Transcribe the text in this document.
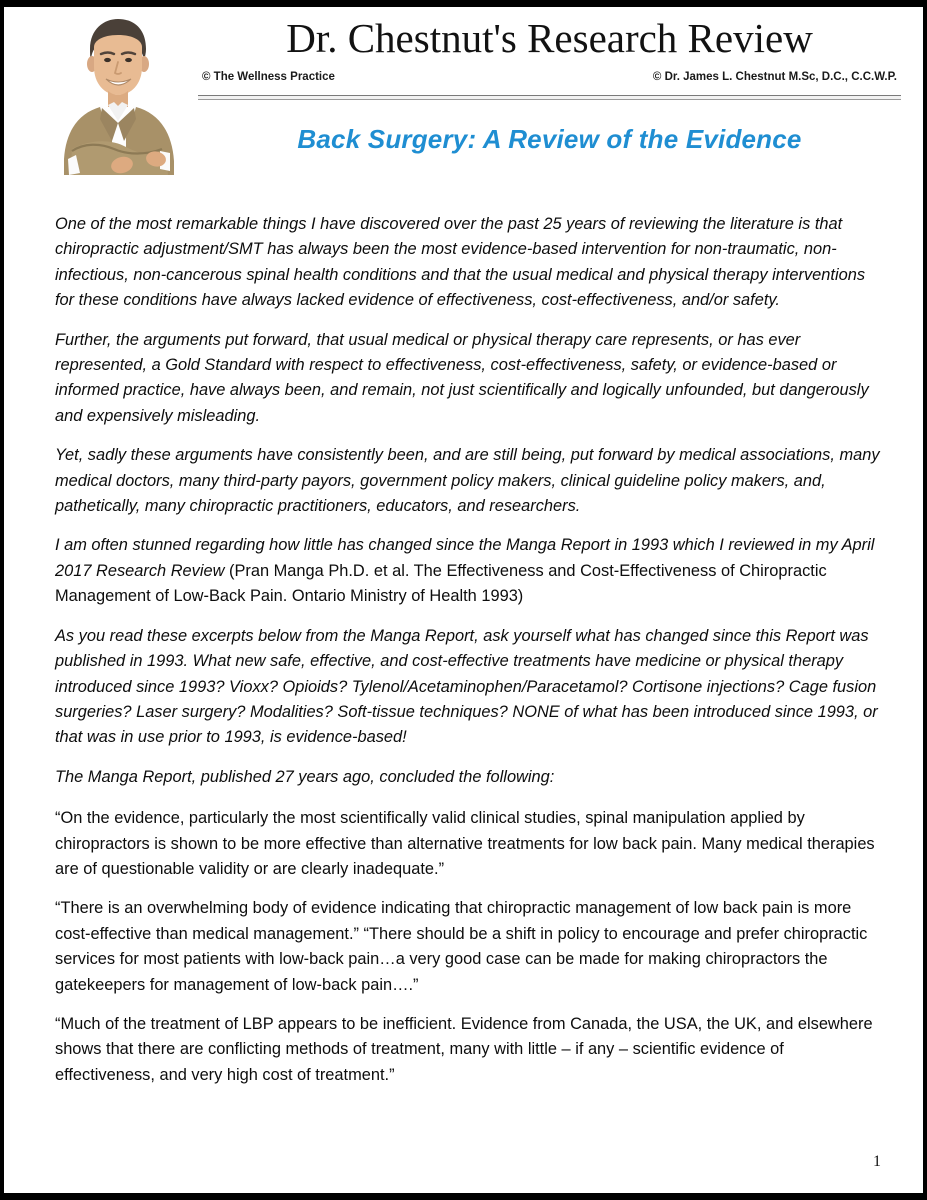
Dr. Chestnut's Research Review
© The Wellness Practice	© Dr. James L. Chestnut M.Sc, D.C., C.C.W.P.
Back Surgery: A Review of the Evidence

One of the most remarkable things I have discovered over the past 25 years of reviewing the literature is that chiropractic adjustment/SMT has always been the most evidence-based intervention for non-traumatic, non-infectious, non-cancerous spinal health conditions and that the usual medical and physical therapy interventions for these conditions have always lacked evidence of effectiveness, cost-effectiveness, and/or safety.

Further, the arguments put forward, that usual medical or physical therapy care represents, or has ever represented, a Gold Standard with respect to effectiveness, cost-effectiveness, safety, or evidence-based or informed practice, have always been, and remain, not just scientifically and logically unfounded, but dangerously and expensively misleading.

Yet, sadly these arguments have consistently been, and are still being, put forward by medical associations, many medical doctors, many third-party payors, government policy makers, clinical guideline policy makers, and, pathetically, many chiropractic practitioners, educators, and researchers.

I am often stunned regarding how little has changed since the Manga Report in 1993 which I reviewed in my April 2017 Research Review (Pran Manga Ph.D. et al. The Effectiveness and Cost-Effectiveness of Chiropractic Management of Low-Back Pain. Ontario Ministry of Health 1993)

As you read these excerpts below from the Manga Report, ask yourself what has changed since this Report was published in 1993. What new safe, effective, and cost-effective treatments have medicine or physical therapy introduced since 1993? Vioxx? Opioids? Tylenol/Acetaminophen/Paracetamol? Cortisone injections? Cage fusion surgeries? Laser surgery? Modalities? Soft-tissue techniques? NONE of what has been introduced since 1993, or that was in use prior to 1993, is evidence-based!

The Manga Report, published 27 years ago, concluded the following:

“On the evidence, particularly the most scientifically valid clinical studies, spinal manipulation applied by chiropractors is shown to be more effective than alternative treatments for low back pain. Many medical therapies are of questionable validity or are clearly inadequate.”

“There is an overwhelming body of evidence indicating that chiropractic management of low back pain is more cost-effective than medical management.” “There should be a shift in policy to encourage and prefer chiropractic services for most patients with low-back pain…a very good case can be made for making chiropractors the gatekeepers for management of low-back pain….”

“Much of the treatment of LBP appears to be inefficient. Evidence from Canada, the USA, the UK, and elsewhere shows that there are conflicting methods of treatment, many with little – if any – scientific evidence of effectiveness, and very high cost of treatment.”

1
